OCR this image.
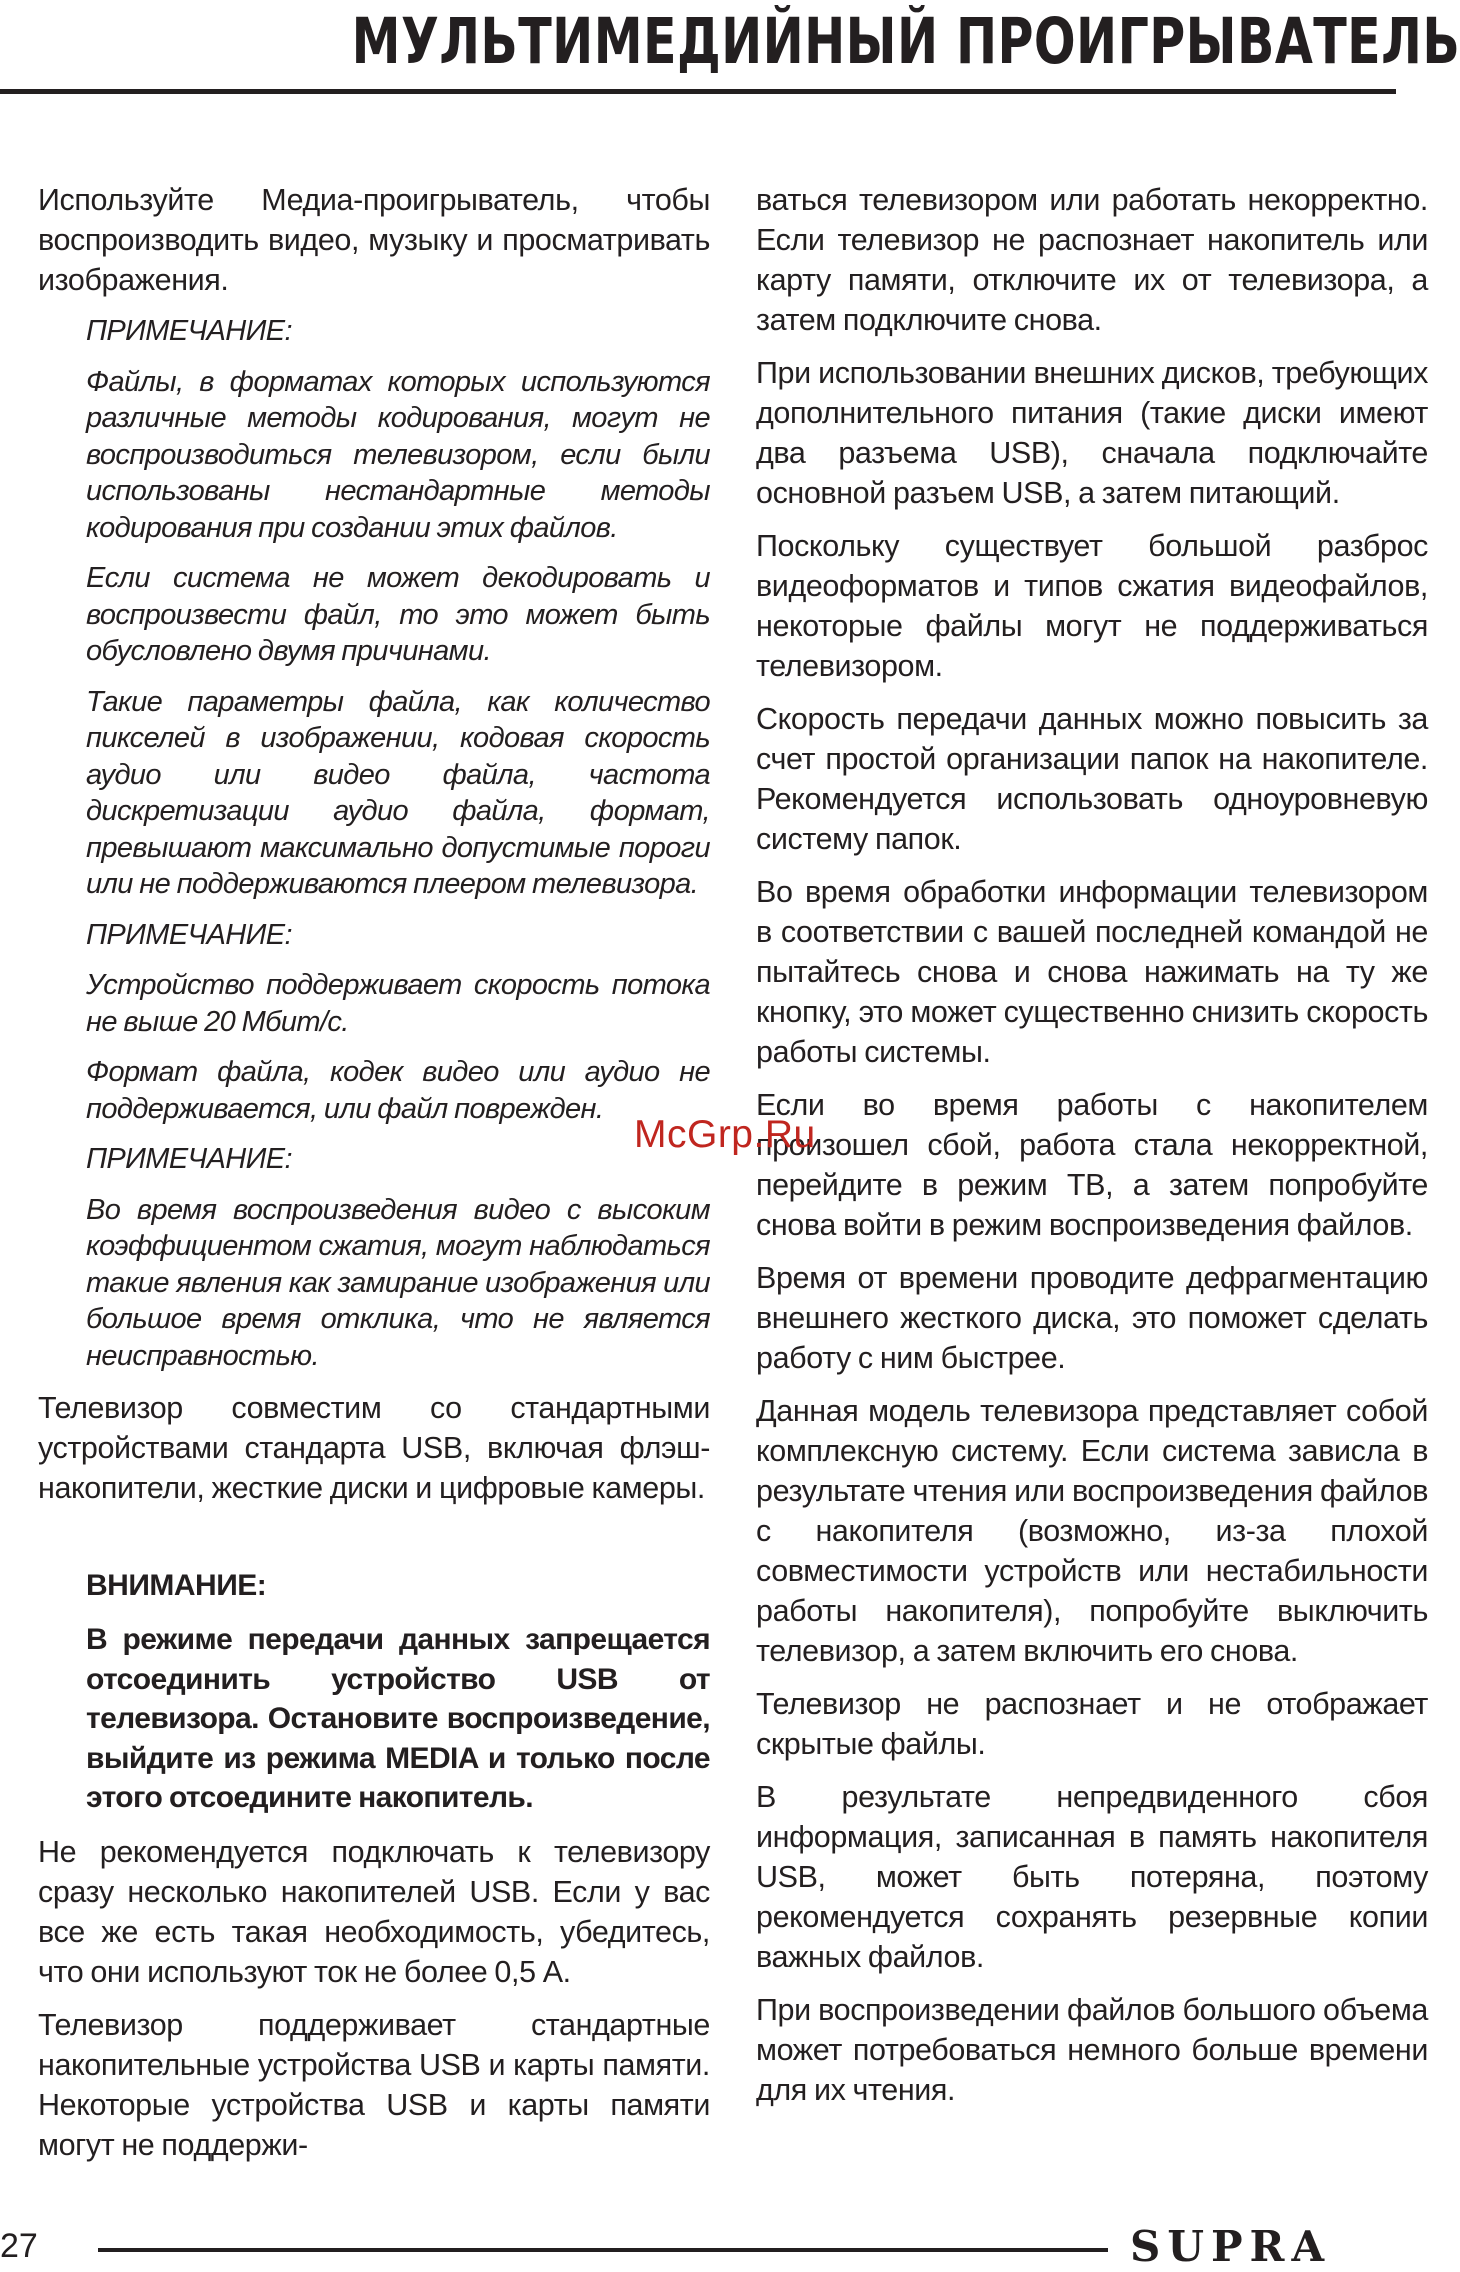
МУЛЬТИМЕДИЙНЫЙ ПРОИГРЫВАТЕЛЬ

Используйте Медиа-проигрыватель, чтобы воспроизводить видео, музыку и просматривать изображения.

ПРИМЕЧАНИЕ:

Файлы, в форматах которых используются различные методы кодирования, могут не воспроизводиться телевизором, если были использованы нестандартные методы кодирования при создании этих файлов.

Если система не может декодировать и воспроизвести файл, то это может быть обусловлено двумя причинами.

Такие параметры файла, как количество пикселей в изображении, кодовая скорость аудио или видео файла, частота дискретизации аудио файла, формат, превышают максимально допустимые пороги или не поддерживаются плеером телевизора.

ПРИМЕЧАНИЕ:

Устройство поддерживает скорость потока не выше 20 Мбит/с.

Формат файла, кодек видео или аудио не поддерживается, или файл поврежден.

ПРИМЕЧАНИЕ:

Во время воспроизведения видео с высоким коэффициентом сжатия, могут наблюдаться такие явления как замирание изображения или большое время отклика, что не является неисправностью.

Телевизор совместим со стандартными устройствами стандарта USB, включая флэш-накопители, жесткие диски и цифровые камеры.

ВНИМАНИЕ:
В режиме передачи данных запрещается отсоединить устройство USB от телевизора. Остановите воспроизведение, выйдите из режима MEDIA и только после этого отсоедините накопитель.

Не рекомендуется подключать к телевизору сразу несколько накопителей USB. Если у вас все же есть такая необходимость, убедитесь, что они используют ток не более 0,5 А.

Телевизор поддерживает стандартные накопительные устройства USB и карты памяти. Некоторые устройства USB и карты памяти могут не поддержи-

ваться телевизором или работать некорректно. Если телевизор не распознает накопитель или карту памяти, отключите их от телевизора, а затем подключите снова.

При использовании внешних дисков, требующих дополнительного питания (такие диски имеют два разъема USB), сначала подключайте основной разъем USB, а затем питающий.

Поскольку существует большой разброс видеоформатов и типов сжатия видеофайлов, некоторые файлы могут не поддерживаться телевизором.

Скорость передачи данных можно повысить за счет простой организации папок на накопителе. Рекомендуется использовать одноуровневую систему папок.

Во время обработки информации телевизором в соответствии с вашей последней командой не пытайтесь снова и снова нажимать на ту же кнопку, это может существенно снизить скорость работы системы.

Если во время работы с накопителем произошел сбой, работа стала некорректной, перейдите в режим ТВ, а затем попробуйте снова войти в режим воспроизведения файлов.

Время от времени проводите дефрагментацию внешнего жесткого диска, это поможет сделать работу с ним быстрее.

Данная модель телевизора представляет собой комплексную систему. Если система зависла в результате чтения или воспроизведения файлов с накопителя (возможно, из-за плохой совместимости устройств или нестабильности работы накопителя), попробуйте выключить телевизор, а затем включить его снова.

Телевизор не распознает и не отображает скрытые файлы.

В результате непредвиденного сбоя информация, записанная в память накопителя USB, может быть потеряна, поэтому рекомендуется сохранять резервные копии важных файлов.

При воспроизведении файлов большого объема может потребоваться немного больше времени для их чтения.

McGrp.Ru
27	SUPRA
